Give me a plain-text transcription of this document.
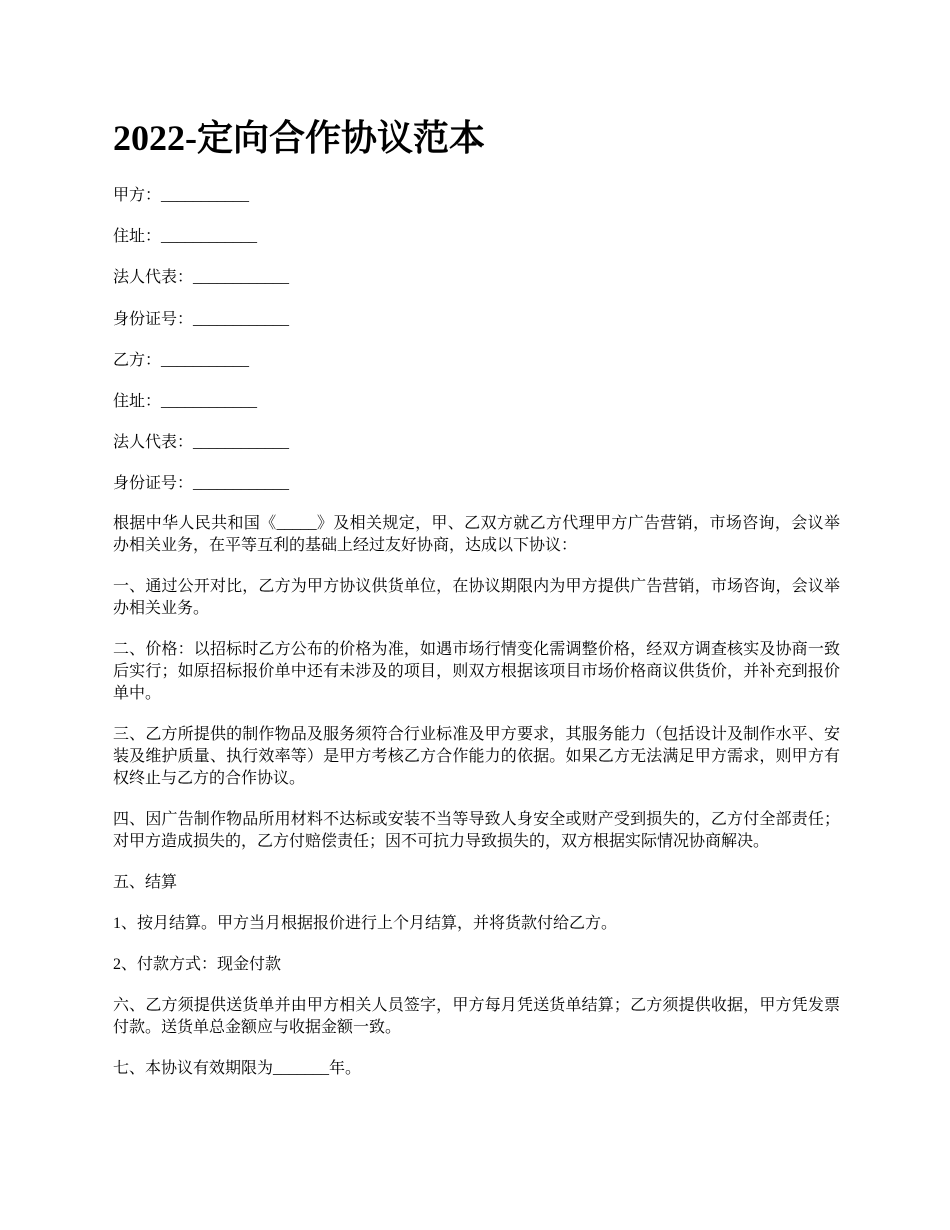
2022-定向合作协议范本

甲方：___________

住址：____________

法人代表：____________

身份证号：____________

乙方：___________

住址：____________

法人代表：____________

身份证号：____________

根据中华人民共和国《_____》及相关规定，甲、乙双方就乙方代理甲方广告营销，市场咨询，会议举办相关业务，在平等互利的基础上经过友好协商，达成以下协议：

一、通过公开对比，乙方为甲方协议供货单位，在协议期限内为甲方提供广告营销，市场咨询，会议举办相关业务。

二、价格：以招标时乙方公布的价格为准，如遇市场行情变化需调整价格，经双方调查核实及协商一致后实行；如原招标报价单中还有未涉及的项目，则双方根据该项目市场价格商议供货价，并补充到报价单中。

三、乙方所提供的制作物品及服务须符合行业标准及甲方要求，其服务能力（包括设计及制作水平、安装及维护质量、执行效率等）是甲方考核乙方合作能力的依据。如果乙方无法满足甲方需求，则甲方有权终止与乙方的合作协议。

四、因广告制作物品所用材料不达标或安装不当等导致人身安全或财产受到损失的，乙方付全部责任；对甲方造成损失的，乙方付赔偿责任；因不可抗力导致损失的，双方根据实际情况协商解决。

五、结算

1、按月结算。甲方当月根据报价进行上个月结算，并将货款付给乙方。

2、付款方式：现金付款

六、乙方须提供送货单并由甲方相关人员签字，甲方每月凭送货单结算；乙方须提供收据，甲方凭发票付款。送货单总金额应与收据金额一致。

七、本协议有效期限为_______年。
